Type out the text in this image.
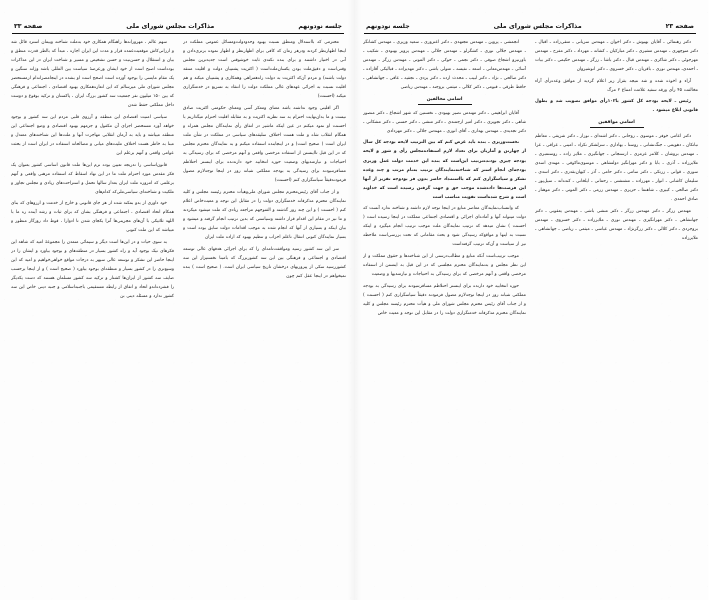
جلسه نودونهم
مذاکرات مجلس شورای ملی
صفحه ۳۳

محترمی که بااستدلال ومنطق نسبت بهبود وحدودولت‌ومسائل عمومی مملکت در اینجا اظهارنظر کردند ودرهر زمان که کافی برای اظهارنظر و اظهار نموده برتری‌دادن و آنی در اختیار داشتند و برای بنده نکته‌ی ثابت خوشوقتی است جدیدترین مجلس وقتی‌است و دقیق‌ملت بودن یکسان‌ملت‌است ( اکثریت پشتیبان دولت و اقلیت منتقد دولت باشند) و مردم آن‌که اکثریت به دولت راه‌همراهی وهمکاری و پشتیبان میکند و هم اقلیت نسبت به اجرائی عهدهای عالی مملکت دولت را انتقاد به تسریع در خدمتگزاری میکند (احسنت)

اگر اقلیتی وجود نداشته باشد معنای ومعکر آسی ومعنای حکومتی اکثریت صادق نیست و ما بدان‌نهایت احترام به سه نظریه اکثریت و به مقابله اقلیت احترام میگذاریم با احسنت او نمود میکنم در عین اینکه ماشیر در اتفاق رأی نمایندگان مجلس همراه و همگام انقلاب شاه و ملت هست اختلاف سلیقه‌های سیاسی در مملکت در شأن ملت ایران است ( صحیح است) و در اینجابنده استفاده میکنم و به نمایندگان محترم مجلس که در این قبل تااینستن از استفاده مرخصی واقعی و آنهم مرخصی که برای رسیدگی به احتیاجات و نیازمندیهای وضعیت حوزه انتخابیه خود دارندنده برای اینستر احتلاظم مسافرتنبودند برای رسیدگی به بودجه مملکتی شبانه روز در اینجا توجه‌لازم مضول فرمودندقیقاً سیاسگزاری کنم (احسنت)

و از جناب آقای رئیس‌محترم مجلس شورای ملی‌وهیأت محترم رئیسه مجلس و کلیه نمایندگان محترم مذکرفانه خدمتگزاری دولت را در مقابل این توجه و معیت‌خاص اعلام کنم ( احسنت ) و این چند روز گذشته و الفتوجهم مراجعه زیادی که ملت میشود میکردند و ما نیز در مقام این اقدام قرار داشته وسیاستی که بدین ترتیب انجام گرفته و میشود و بیان اینکه و بسیاری از آنها که انجام شده به موجب اقدامات دولت سابق بوده است و بسیار نمایندگان کنونی انتقال تاعلم احزاب و تنظیم بهبود که اراده ملت ایران

سر این سه کشور رسید ومواقفت‌نامه‌ای را که برای اجرائی هدفهای عالی توسعه اقتصادی و اجتماعی و فرهنگی بین این سه کشوربزرگ که بامبنا نخستیزاز این سه کشوررسید سکی از پیروزیهای درخشان تاریخ سیاسی ایران است. ( صحیح است ) بنده نمیخواهم در اینجا عقل کنم چون

سهم عالم ، مهرورانه‌ها راهنگام همکاری خود به‌ملت شناخته وبیمان استرد قائل شد و ارزانی‌کاش موقعیت‌عمده قرار و مدت این ایران اجازه ، مبدأ که بالطر قدرت منطق و بیان و استقلال و حسن‌نیت و حسن تشخیص و مسیر و شناخت ایران در این مذاکرات بوده‌است اصبح است از خود ایشان ورعرصهٔ سیاست بین المللی باشد وژانه سنگین و یک مقام مایسی را بوجود آورده است اصحح است او بشده در اینجامصرانه‌ام ازمستحضر مجلس شورای ملی میرسالم که این انعازه‌همکاری بهبود اقتصادی ، اجتماعی و فرهنگی که بین ۱۵۰ میلیون نفر جمعیت سه کشور بزرگ ایران ، پاکستان و ترکیه بوقوع و دوست داخل مملکتی حفظ شدن

سیاسی امنیت افتصادی این منطقه و آرزوی قلبی مردم این سه کشور و بوجود خواهد آورد مستحضر اجرای آن مکفول و جزمهم بهبود افتصادی و وضع اجتماعی این منطقه میباشد و باید به آرمان انقلابی مهاجرت آنها و ملت‌ها این شناخته‌های معتدل و مبنا به خاطر هست اختلاف ملیت‌های میانی و مصالحانه استفاده در ایران است از بحثت عوامی واقعی و آنهم برعلم این

قانون‌اساسی را تدریجه تعیین بوده نرم این‌ها ملت قانون اساسی کشور بعنوان یک فکر مقدس مورد احترام ملت ما در این نهاد اسقاط که استفاده مرهنی واقعی و آنهم برعلمی که امروزه ملت ایران بعداز سالها تحمل و استراحت‌های زیادی و مجلس تجاوز و ملکیت و شناخته‌ای سیاسی‌ملی‌که کدام‌های

خود داوری از بدو بمکند شده از هر جای قانونی و خارج از خدمت و ارزوهای که بنای همکام اتحاد اقتصادی ، اجتماعی و فرهنگی بشان که برای ثبات و رشد آینده ره ما با اللهد ثلاثیکی با آن‌های مجریتی‌ها آنرا یکجای شدن تا ادوارا ، قوط داد روزگار منظور و میباشد که این ملت کنونی

به سوی حیات و در این‌ها است دیگر و سیمائی متمدن را مجموعهٔ امید که شاهد این فکرهای نیک بوجود آید و راه کشور بسیار در منطقه‌های و بوجود بیاورد و ایشان را در اینجا حاضر این تشکر و توسعه عالی سپهر به درجات مواقع خواهی‌خواهیم و امید که این وسیع‌تری را در کشور بسیار و منطقه‌ای بوجود بیاورد ( صحیح است ) و از اینجا برحسب ضایف سه کشور از ایران‌ها کشتار و ترکیه سه کشور مسلمان هستند که دست یکدیگر را فشرده‌اندو اتحاد و اتفاق از رابطه مستقیمی باجنبه‌اسلامی و جنبه دینی خاص این سه کشور ندارد و مسئله دینی بن

صفحه ۲۳
مذاکرات مجلس شورای ملی
جلسه نودونهم

دکتر رهنمائی ـ آقایان بهبوش ـ دکتر اخوان ـ مهندس سریانی ـ متقی‌زاده ـ اقبال ـ دکتر منوچهری ـ مهندس مشیری ـ دکتر مبارکیان ـ کشانه ـ مهرداد ـ دکتر مفرح ـ مهندس مهرجوئی ـ دکتر شاکری ـ مهندس قبال ـ دکتر باشا ـ زرگر ـ مهندس حکیمی ـ دکتر بیات ـ احمدی‌ـ مهندس نوری ـ باقریان ـ دکتر خسروی ـ دکتر انوشیروان

آراء و اخوذه شده و شد نتیجه بقرار زیر اعلام گردید از موافق وعده‌رأی آراء مخالفت ۴۵ رأی ورقه سفید علامت امتناع ۲ مرگ

رئیس ـ لایحه بودجه کل کشور با۱۰۳رأی موافق تصویب شد و بطول قانونی ابلاغ میشود .

اسامی موافقین

دکتر اعامی خوفر ـ موسوی ـ روحانی ـ دکتر اشتدای ـ نوزار ـ دکتر شریفی ـ معاظم نباتکان ـ دهویمی ـ جنگ‌نشانی ـ روستا ـ بهاداری ـ سرلشکر نکزاد ـ امینی ـ عراقی ـ عرا ـ مهندس بروشان ـ کلانتر عرمزی ـ ارسنجانی ـ جهانگیری ـ ملایر زاده ـ روستمبری ـ ملایرزاده ـ آذری ـ بابا و دکتر مهرانگیز دولتشاهی ـ موسوی‌ماکوفی ـ مهندی اسدی سوری ـ قوانی ـ زرتکی ـ دکتر سامی ـ دکتر حامی ـ آذر ـ کیهان‌بقدری ـ دکتر اسدی ـ سلیمان کاشانی ـ انوار ـ مهرزاده ـ مشتشتی ـ رحمانی ـ ایلخانی ـ کنده‌اند ـ سیل‌پور ـ دکتر صالحی ـ کبیری ـ شاهنما ـ حریری ـ مهندس زرمی ـ دکتر الموتی ـ دکتر موهنار ـ صادق احمدی .

مهندس زرگر ـ دکتر مهندس زرگر ـ دکتر منشی باشی ـ مهندس یعقوبی ـ دکتر جهانشاهی ـ دکتر مهرانگیزی ـ مهندس نوری ـ ملایرزاده ـ دکتر خسروی ـ مهندس بروجردی ـ دکتر کلالی ـ دکتر زرگرنژاد ـ مهندس عباسی ـ میثمی ـ ریاضی ـ جهانشاهی ـ ملایرزاده

انجمشی ـ پروین ـ مهندس مجتهدی ـ دکتر اعتزوری ـ سعید وزیری ـ مهندس کشانگر ـ مهندس جلالی نوری ـ کشگرلو ـ مهندس جلالی ـ مهندس پرویز بهبودی ـ شکیب ـ باورنیرو اشجاع صوفی ـ دکتر نجمی ـ حوکی ـ دکتر الموتی ـ مهندس زرگر ـ مهندس آسائی ـ مهندس‌معانی ـ اسعد ـ نفیسه ـ متولی باشی ـ دکتر مهدیزاده ـ قبالیکی آقازاده ـ دکتر صالحی ـ نژاد ـ دکتر لبیب ـ محدث ارده ـ دکتر یزدی ـ نجفیه ـ عافی ـ جهانشاهی ـ حافظ طرقی ـ قبومی ـ دکتر کلالی ـ میثمی بروجند ـ مهندس ریاضی

اسامی مخالفین

آقایان ابراهیمی ـ دکتر مهندس نصیر بهبودی ـ نخستین که شهر اشجاع ـ دکتر منصور شاهی ـ دکتر تجویزی ـ دکتر امیر ارجمندی ـ دکتر منشی ـ دکتر حسنی ـ دکتر مشکانی ـ دکتر تجدیدی ـ مهندس بهداری ـ آقای انوری ـ مهندس جلالی ـ دکتر مهردادی

نخست‌وزیری ـ بنده باید عرض کنم که بین الترتیب لایحه بودجه کل سال از چهارتن و آماریان برای تعداد لازم استفاده‌مجلس رأی و شور و لایحه بودجه چیزی بودنده‌ترتیب این‌است که بنده این خدمت دولت عمل وزیری بودجه‌ای انجام استر که شناخته‌نمایندگان ترتیب به‌نام مرتب و چند وعده تشکر و سیاسگزاری کنم که بااستمداد حاضر بدون فر بودوجه تقریر از آنها این فرصت‌ها داده‌شده موجب حق و جهت گرفتن رسیده است که خداوند است و شرح شده‌است تقویت مناسب است

که وانتساب‌نمایندگان معاصر منابع در اینجا توجه لازم داشته و شناخته ندارد آنست که دولت میتواند آنها و آماده‌ای اجرائی و اقتصادی اجتماعی مملکت در اینجا رسیده است ( احسنت ) نشان میدهد که ترتیب نمایندگان ملت موجب ترتیب انجام میگیرد و اینکه نسبت به اینها و مواقع‌که رسیدگی شود و بحث مقاماتی که تحت بررسی‌است ملاحظه نیز از سیاست و آن‌که ترتیب گرفته‌است

موجب ترتیب‌است آنکه منابع و مطالب‌درستی از این شناخته‌ها و حقوق مملکت و از این نظر مجلس و به‌نمایندگان محترم مجلسی که در این قبل به اینستن از استفاده مرخصی واقعی و آنهم مرخصی که برای رسیدگی به احتیاجات و نیازمندیها و وضعیت

حوزه انتخابیه خود دارنده برای اینستر احتلاظم مسافرتنبودند برای رسیدگی به بودجه مملکتی شبانه روز در اینجا توجه‌لازم مضول فرمودند دقیقاً سیاسگزاری کنم ( احسنت ) و از جناب آقای رئیس محترم مجلس شورای ملی و هیأت محترم رئیسه مجلس و کلیه نمایندگان محترم مذکرفانه خدمتگزاری دولت را در مقابل این توجه و معیت خاص
